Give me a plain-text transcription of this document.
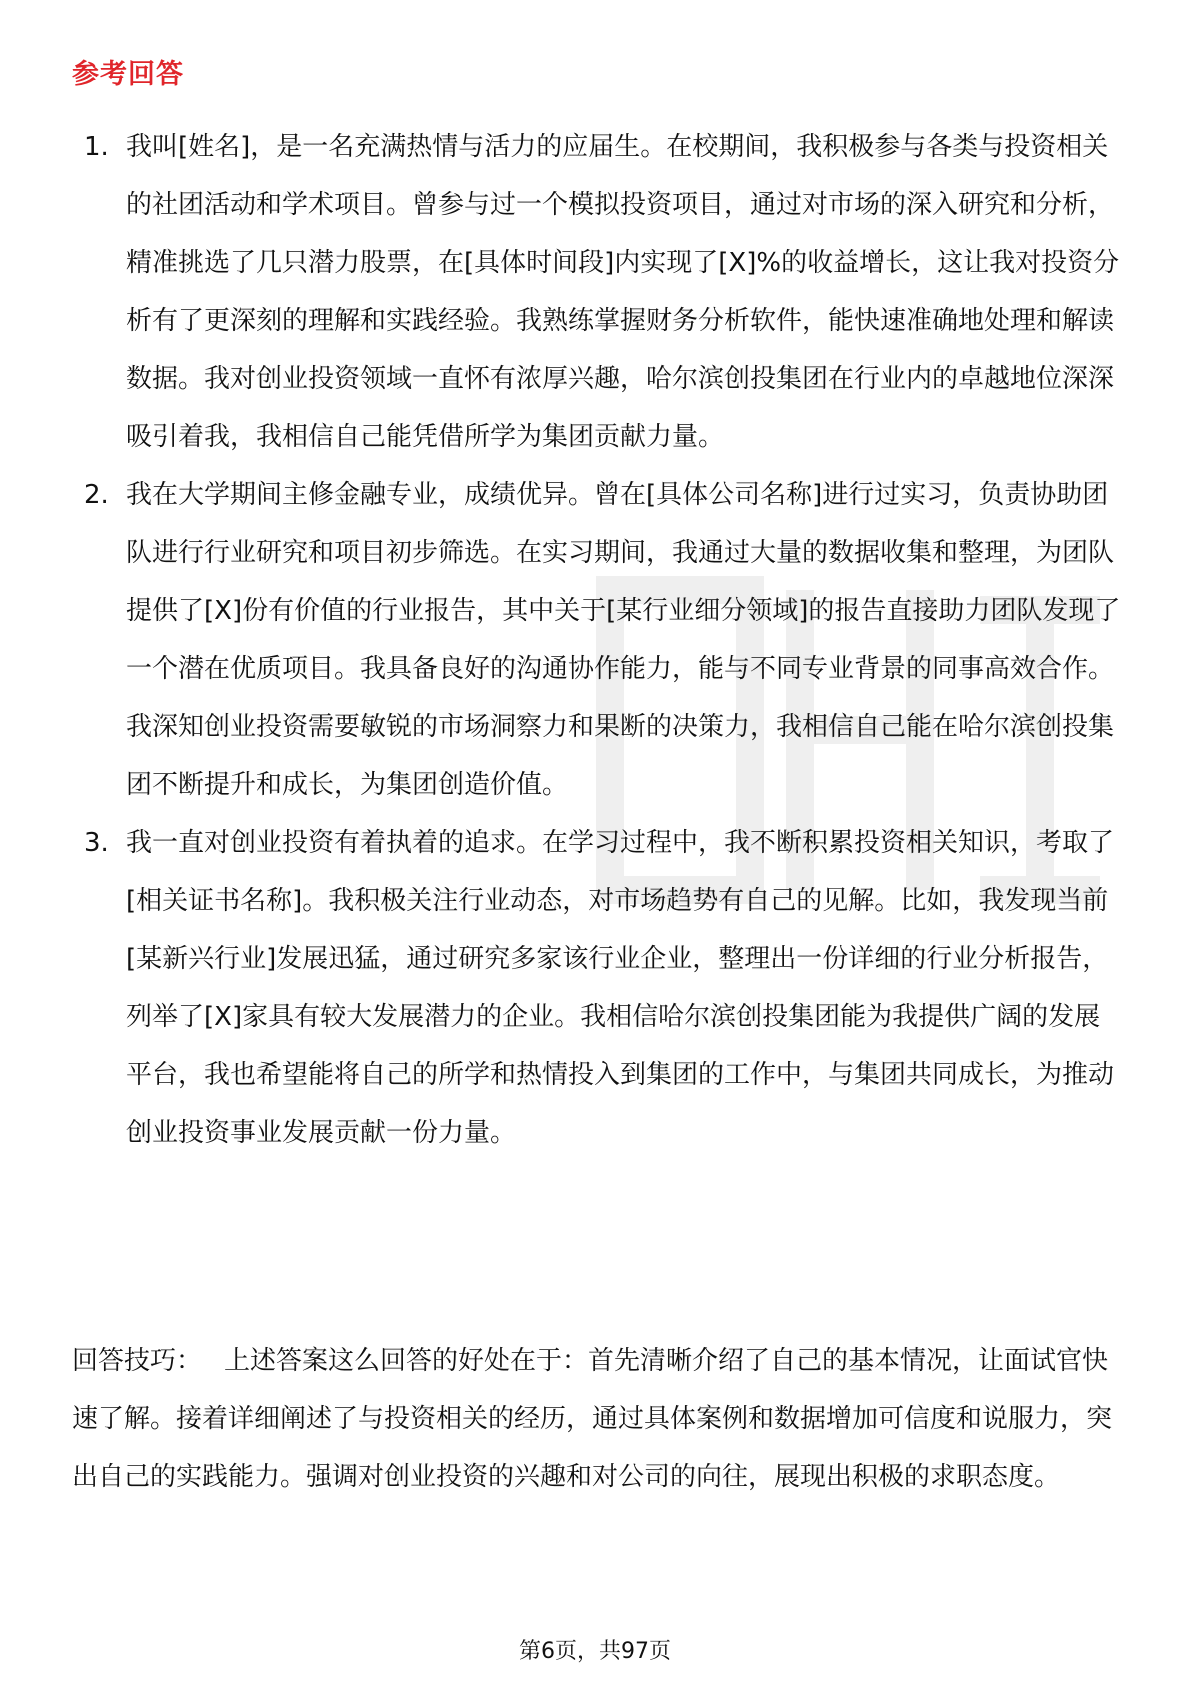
参考回答
1. 我叫[姓名]，是一名充满热情与活力的应届生。在校期间，我积极参与各类与投资相关的社团活动和学术项目。曾参与过一个模拟投资项目，通过对市场的深入研究和分析，精准挑选了几只潜力股票，在[具体时间段]内实现了[X]%的收益增长，这让我对投资分析有了更深刻的理解和实践经验。我熟练掌握财务分析软件，能快速准确地处理和解读数据。我对创业投资领域一直怀有浓厚兴趣，哈尔滨创投集团在行业内的卓越地位深深吸引着我，我相信自己能凭借所学为集团贡献力量。
2. 我在大学期间主修金融专业，成绩优异。曾在[具体公司名称]进行过实习，负责协助团队进行行业研究和项目初步筛选。在实习期间，我通过大量的数据收集和整理，为团队提供了[X]份有价值的行业报告，其中关于[某行业细分领域]的报告直接助力团队发现了一个潜在优质项目。我具备良好的沟通协作能力，能与不同专业背景的同事高效合作。我深知创业投资需要敏锐的市场洞察力和果断的决策力，我相信自己能在哈尔滨创投集团不断提升和成长，为集团创造价值。
3. 我一直对创业投资有着执着的追求。在学习过程中，我不断积累投资相关知识，考取了[相关证书名称]。我积极关注行业动态，对市场趋势有自己的见解。比如，我发现当前[某新兴行业]发展迅猛，通过研究多家该行业企业，整理出一份详细的行业分析报告，列举了[X]家具有较大发展潜力的企业。我相信哈尔滨创投集团能为我提供广阔的发展平台，我也希望能将自己的所学和热情投入到集团的工作中，与集团共同成长，为推动创业投资事业发展贡献一份力量。

回答技巧： 上述答案这么回答的好处在于：首先清晰介绍了自己的基本情况，让面试官快速了解。接着详细阐述了与投资相关的经历，通过具体案例和数据增加可信度和说服力，突出自己的实践能力。强调对创业投资的兴趣和对公司的向往，展现出积极的求职态度。

第6页，共97页
